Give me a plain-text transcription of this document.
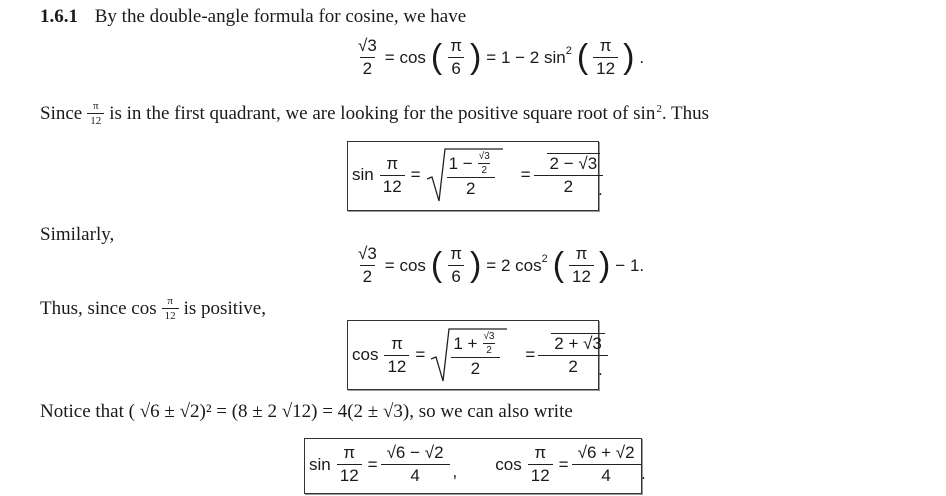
1.6.1 By the double-angle formula for cosine, we have
$\frac{√3}{2} = \cos$ ( $\frac{\pi}{6}$ ) = 1 − 2 $\sin^2$ ( $\frac{\pi}{12}$ ) .
Since $\frac{\pi}{12}$ is in the first quadrant, we are looking for the positive square root of $\sin^2$ . Thus
$\sin \frac{\pi}{12} = \frac{1 - \frac{√3}{2}}{2} = \frac{2 - √3}{2}$
.
Similarly,
$\frac{√3}{2} = \cos$ ( $\frac{\pi}{6}$ ) = 2 $\cos^2$ ( $\frac{\pi}{12}$ ) − 1.
Thus, since $\cos \frac{\pi}{12}$ is positive,
$\cos \frac{\pi}{12} = \frac{1 + \frac{√3}{2}}{2} = \frac{2 + √3}{2}$
.
Notice that ( √6 ± √2)² = (8 ± 2 √12) = 4(2 ± √3), so we can also write
$\sin \frac{\pi}{12} = \frac{√6 - √2}{4}$ , $\cos \frac{\pi}{12} = \frac{√6 + √2}{4}$ .
